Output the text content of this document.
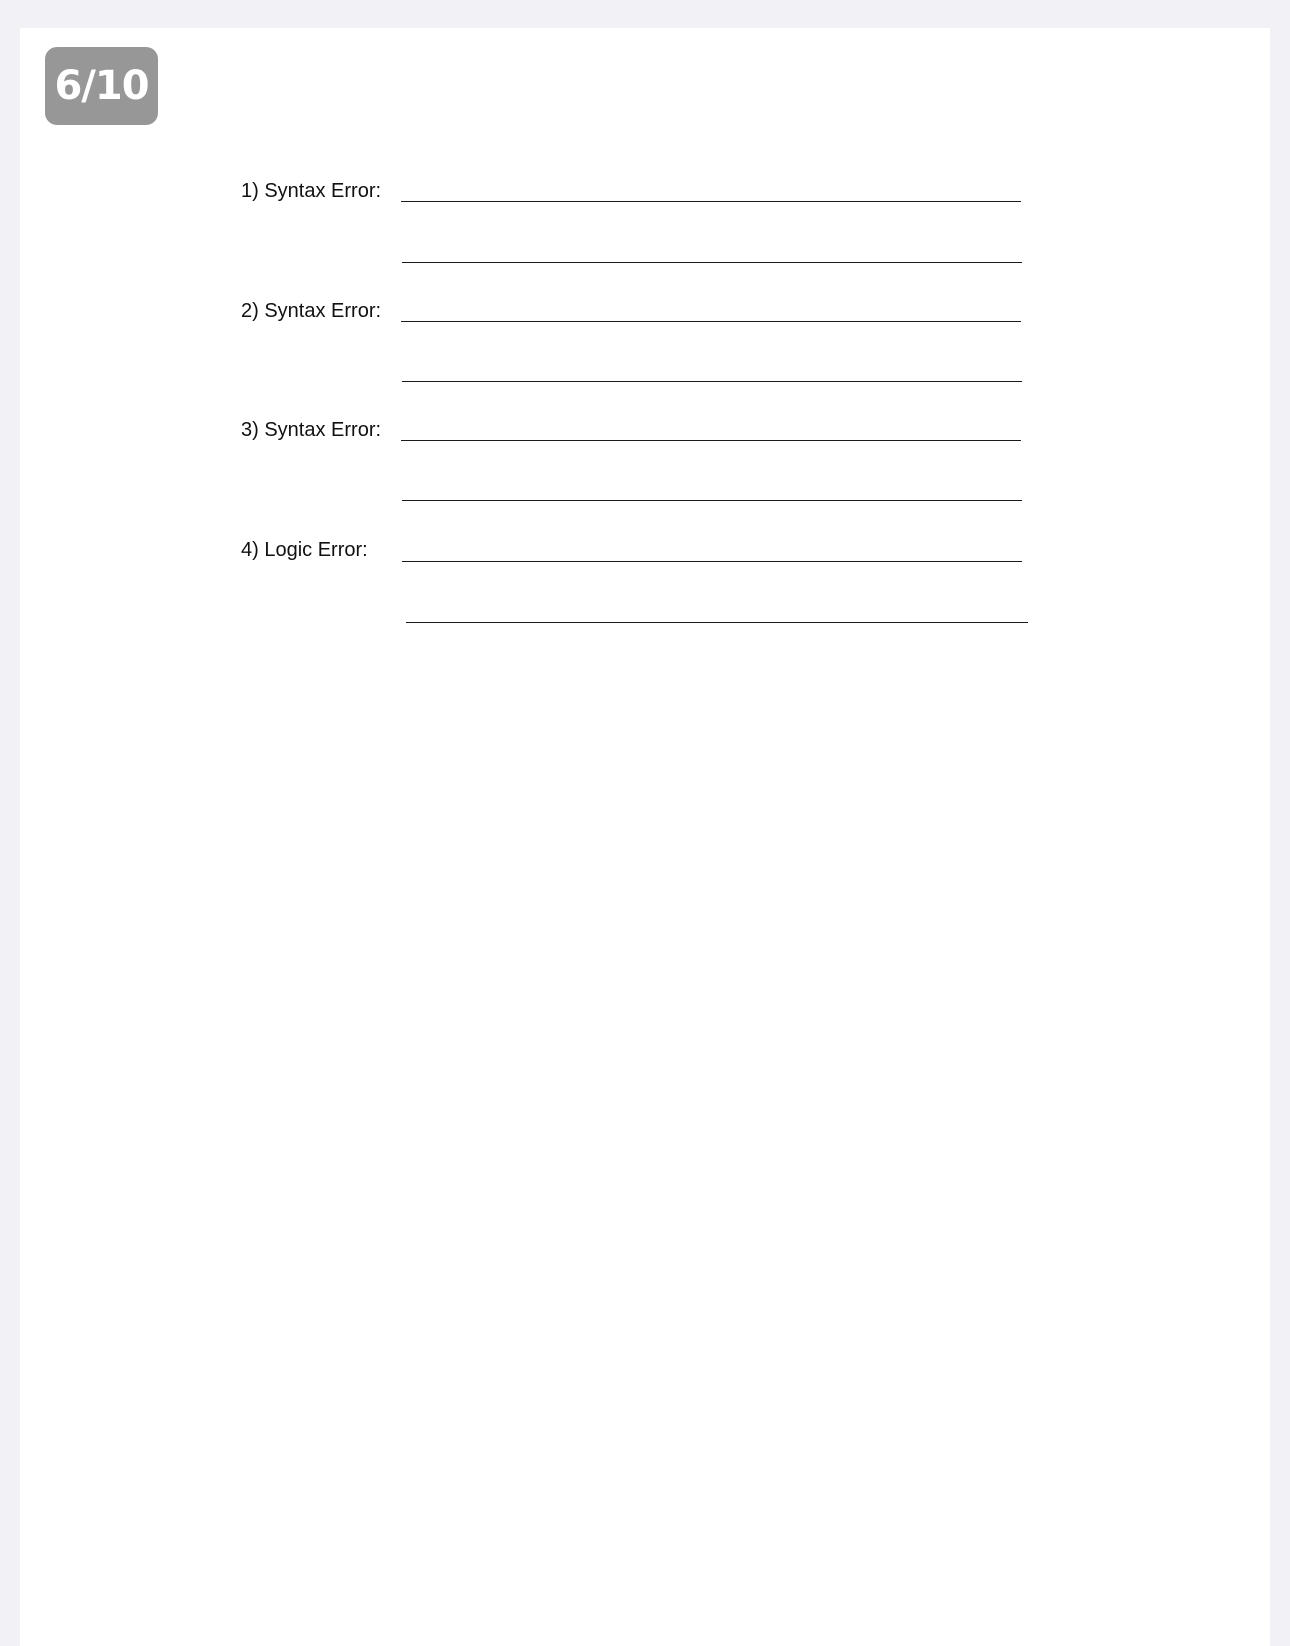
6/10
1) Syntax Error:
2) Syntax Error:
3) Syntax Error:
4) Logic Error:
